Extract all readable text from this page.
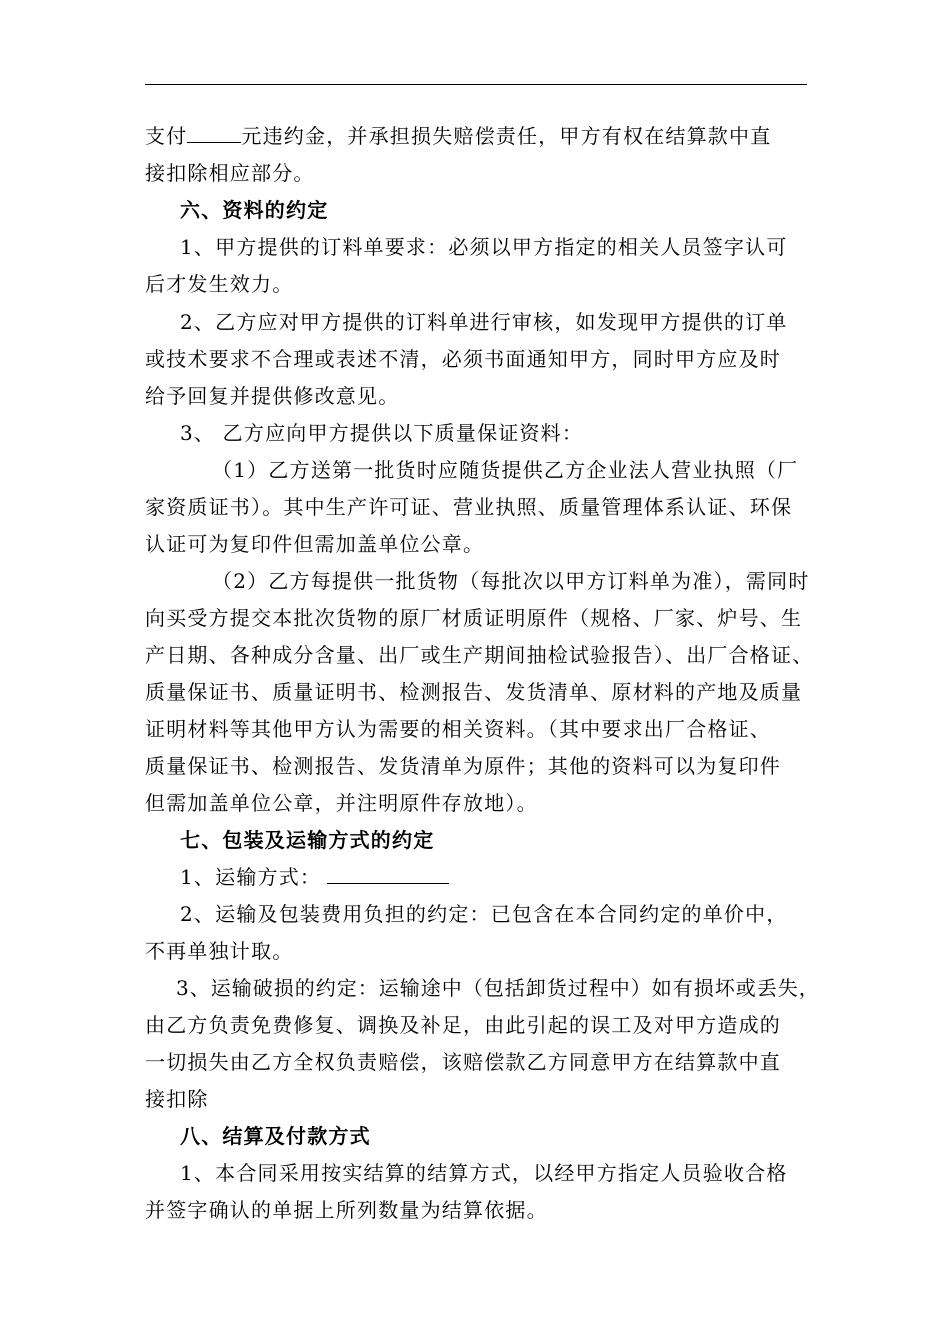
支付	元违约金，并承担损失赔偿责任，甲方有权在结算款中直
接扣除相应部分。
六、资料的约定
1、甲方提供的订料单要求：必须以甲方指定的相关人员签字认可
后才发生效力。
2、乙方应对甲方提供的订料单进行审核，如发现甲方提供的订单
或技术要求不合理或表述不清，必须书面通知甲方，同时甲方应及时
给予回复并提供修改意见。
3、 乙方应向甲方提供以下质量保证资料：
（1）乙方送第一批货时应随货提供乙方企业法人营业执照（厂
家资质证书）。其中生产许可证、营业执照、质量管理体系认证、环保
认证可为复印件但需加盖单位公章。
（2）乙方每提供一批货物（每批次以甲方订料单为准），需同时
向买受方提交本批次货物的原厂材质证明原件（规格、厂家、炉号、生
产日期、各种成分含量、出厂或生产期间抽检试验报告）、出厂合格证、
质量保证书、质量证明书、检测报告、发货清单、原材料的产地及质量
证明材料等其他甲方认为需要的相关资料。（其中要求出厂合格证、
质量保证书、检测报告、发货清单为原件；其他的资料可以为复印件
但需加盖单位公章，并注明原件存放地）。
七、包装及运输方式的约定
1、运输方式：
2、运输及包装费用负担的约定：已包含在本合同约定的单价中，
不再单独计取。
3、运输破损的约定：运输途中（包括卸货过程中）如有损坏或丢失，
由乙方负责免费修复、调换及补足，由此引起的误工及对甲方造成的
一切损失由乙方全权负责赔偿，该赔偿款乙方同意甲方在结算款中直
接扣除
八、结算及付款方式
1、本合同采用按实结算的结算方式，以经甲方指定人员验收合格
并签字确认的单据上所列数量为结算依据。
